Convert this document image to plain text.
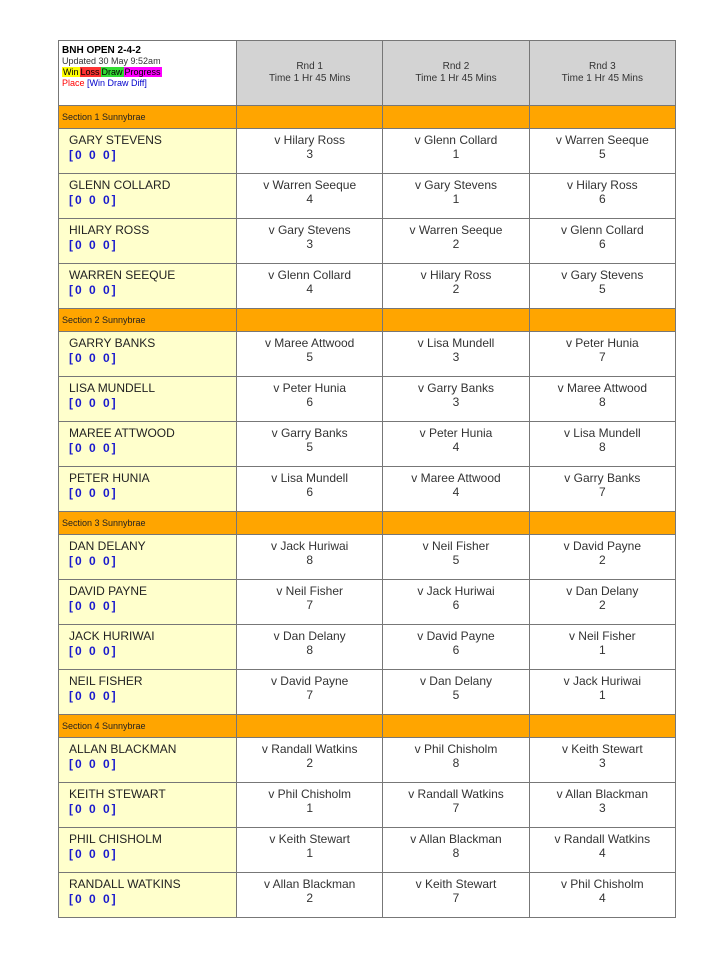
BNH OPEN 2-4-2
Updated 30 May 9:52am
Win Loss Draw Progress
Place [Win Draw Diff]
Rnd 1
Time 1 Hr 45 Mins
Rnd 2
Time 1 Hr 45 Mins
Rnd 3
Time 1 Hr 45 Mins
Section 1 Sunnybrae
GARY STEVENS
[0 0 0]
v Hilary Ross
3
v Glenn Collard
1
v Warren Seeque
5
GLENN COLLARD
[0 0 0]
v Warren Seeque
4
v Gary Stevens
1
v Hilary Ross
6
HILARY ROSS
[0 0 0]
v Gary Stevens
3
v Warren Seeque
2
v Glenn Collard
6
WARREN SEEQUE
[0 0 0]
v Glenn Collard
4
v Hilary Ross
2
v Gary Stevens
5
Section 2 Sunnybrae
GARRY BANKS
[0 0 0]
v Maree Attwood
5
v Lisa Mundell
3
v Peter Hunia
7
LISA MUNDELL
[0 0 0]
v Peter Hunia
6
v Garry Banks
3
v Maree Attwood
8
MAREE ATTWOOD
[0 0 0]
v Garry Banks
5
v Peter Hunia
4
v Lisa Mundell
8
PETER HUNIA
[0 0 0]
v Lisa Mundell
6
v Maree Attwood
4
v Garry Banks
7
Section 3 Sunnybrae
DAN DELANY
[0 0 0]
v Jack Huriwai
8
v Neil Fisher
5
v David Payne
2
DAVID PAYNE
[0 0 0]
v Neil Fisher
7
v Jack Huriwai
6
v Dan Delany
2
JACK HURIWAI
[0 0 0]
v Dan Delany
8
v David Payne
6
v Neil Fisher
1
NEIL FISHER
[0 0 0]
v David Payne
7
v Dan Delany
5
v Jack Huriwai
1
Section 4 Sunnybrae
ALLAN BLACKMAN
[0 0 0]
v Randall Watkins
2
v Phil Chisholm
8
v Keith Stewart
3
KEITH STEWART
[0 0 0]
v Phil Chisholm
1
v Randall Watkins
7
v Allan Blackman
3
PHIL CHISHOLM
[0 0 0]
v Keith Stewart
1
v Allan Blackman
8
v Randall Watkins
4
RANDALL WATKINS
[0 0 0]
v Allan Blackman
2
v Keith Stewart
7
v Phil Chisholm
4
